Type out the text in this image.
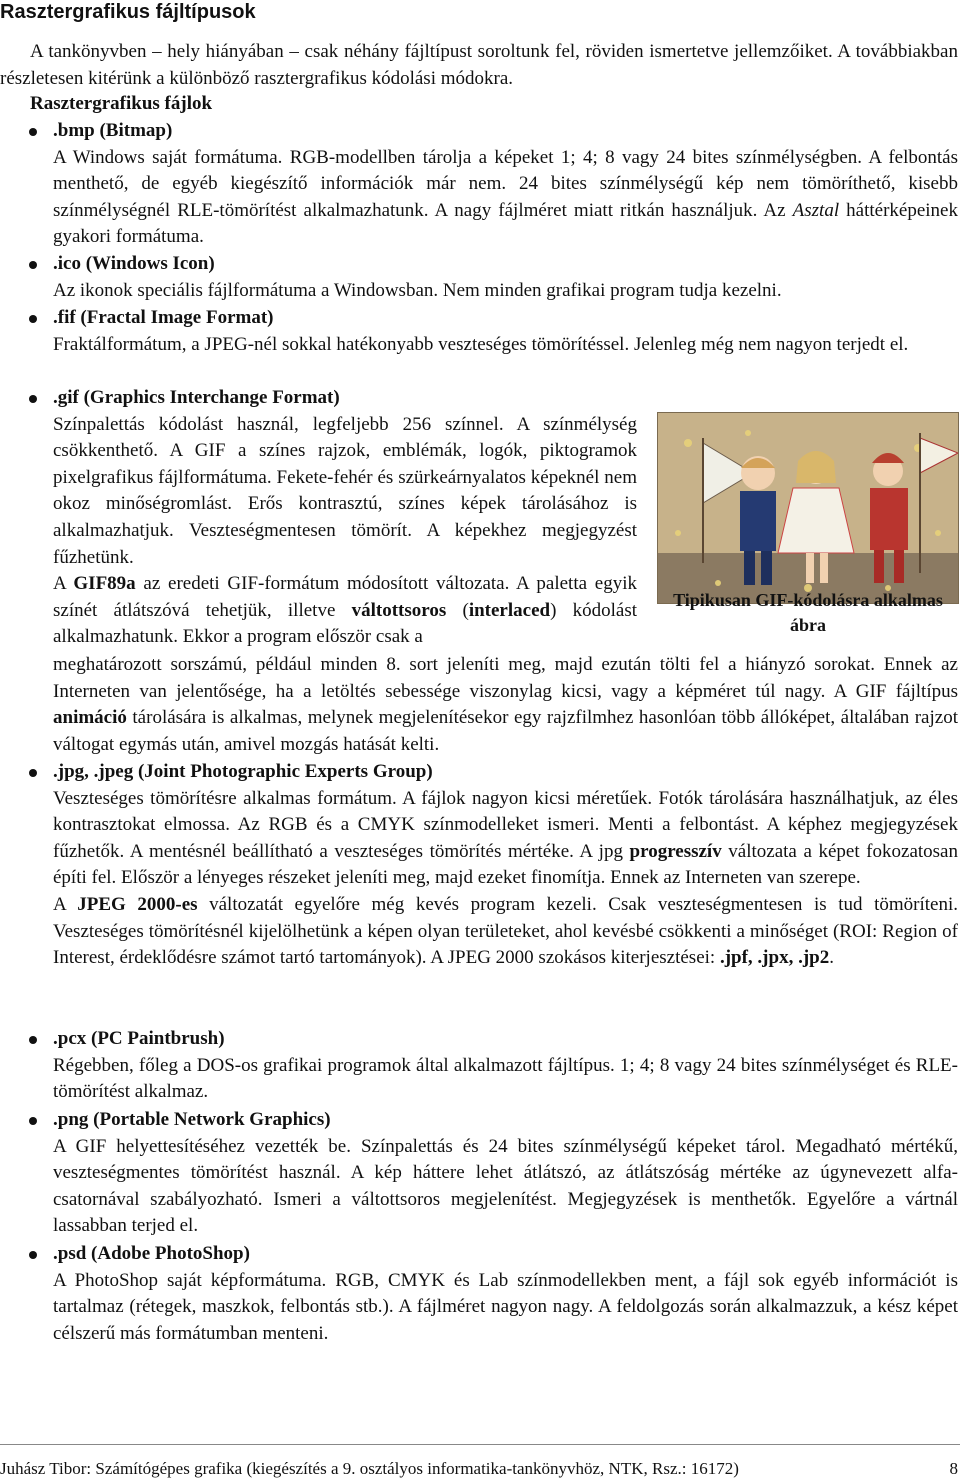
Rasztergrafikus fájltípusok

A tankönyvben – hely hiányában – csak néhány fájltípust soroltunk fel, röviden ismertetve jellemzőiket. A továbbiakban részletesen kitérünk a különböző rasztergrafikus kódolási módokra.

Rasztergrafikus fájlok
.bmp (Bitmap)

A Windows saját formátuma. RGB-modellben tárolja a képeket 1; 4; 8 vagy 24 bites színmélységben. A felbontás menthető, de egyéb kiegészítő információk már nem. 24 bites színmélységű kép nem tömöríthető, kisebb színmélységnél RLE-tömörítést alkalmazhatunk. A nagy fájlméret miatt ritkán használjuk. Az Asztal háttérképeinek gyakori formátuma.

.ico (Windows Icon)

Az ikonok speciális fájlformátuma a Windowsban. Nem minden grafikai program tudja kezelni.

.fif (Fractal Image Format)

Fraktálformátum, a JPEG-nél sokkal hatékonyabb veszteséges tömörítéssel. Jelenleg még nem nagyon terjedt el.

.gif (Graphics Interchange Format)

Színpalettás kódolást használ, legfeljebb 256 színnel. A színmélység csökkenthető. A GIF a színes rajzok, emblémák, logók, piktogramok pixelgrafikus fájlformátuma. Fekete-fehér és szürkeárnyalatos képeknél nem okoz minőségromlást. Erős kontrasztú, színes képek tárolásához is alkalmazhatjuk. Veszteségmentesen tömörít. A képekhez megjegyzést fűzhetünk.

A GIF89a az eredeti GIF-formátum módosított változata. A paletta egyik színét átlátszóvá tehetjük, illetve váltottsoros (interlaced) kódolást alkalmazhatunk. Ekkor a program először csak a

meghatározott sorszámú, például minden 8. sort jeleníti meg, majd ezután tölti fel a hiányzó sorokat. Ennek az Interneten van jelentősége, ha a letöltés sebessége viszonylag kicsi, vagy a képméret túl nagy. A GIF fájltípus animáció tárolására is alkalmas, melynek megjelenítésekor egy rajzfilmhez hasonlóan több állóképet, általában rajzot váltogat egymás után, amivel mozgás hatását kelti.

Tipikusan GIF-kódolásra alkalmas ábra
.jpg, .jpeg (Joint Photographic Experts Group)

Veszteséges tömörítésre alkalmas formátum. A fájlok nagyon kicsi méretűek. Fotók tárolására használhatjuk, az éles kontrasztokat elmossa. Az RGB és a CMYK színmodelleket ismeri. Menti a felbontást. A képhez megjegyzések fűzhetők. A mentésnél beállítható a veszteséges tömörítés mértéke. A jpg progresszív változata a képet fokozatosan építi fel. Először a lényeges részeket jeleníti meg, majd ezeket finomítja. Ennek az Interneten van szerepe.

A JPEG 2000-es változatát egyelőre még kevés program kezeli. Csak veszteségmentesen is tud tömöríteni. Veszteséges tömörítésnél kijelölhetünk a képen olyan területeket, ahol kevésbé csökkenti a minőséget (ROI: Region of Interest, érdeklődésre számot tartó tartományok). A JPEG 2000 szokásos kiterjesztései: .jpf, .jpx, .jp2.

.pcx (PC Paintbrush)

Régebben, főleg a DOS-os grafikai programok által alkalmazott fájltípus. 1; 4; 8 vagy 24 bites színmélységet és RLE-tömörítést alkalmaz.

.png (Portable Network Graphics)

A GIF helyettesítéséhez vezették be. Színpalettás és 24 bites színmélységű képeket tárol. Megadható mértékű, veszteségmentes tömörítést használ. A kép háttere lehet átlátszó, az átlátszóság mértéke az úgynevezett alfa-csatornával szabályozható. Ismeri a váltottsoros megjelenítést. Megjegyzések is menthetők. Egyelőre a vártnál lassabban terjed el.

.psd (Adobe PhotoShop)

A PhotoShop saját képformátuma. RGB, CMYK és Lab színmodellekben ment, a fájl sok egyéb információt is tartalmaz (rétegek, maszkok, felbontás stb.). A fájlméret nagyon nagy. A feldolgozás során alkalmazzuk, a kész képet célszerű más formátumban menteni.

Juhász Tibor: Számítógépes grafika (kiegészítés a 9. osztályos informatika-tankönyvhöz, NTK, Rsz.: 16172)	8
